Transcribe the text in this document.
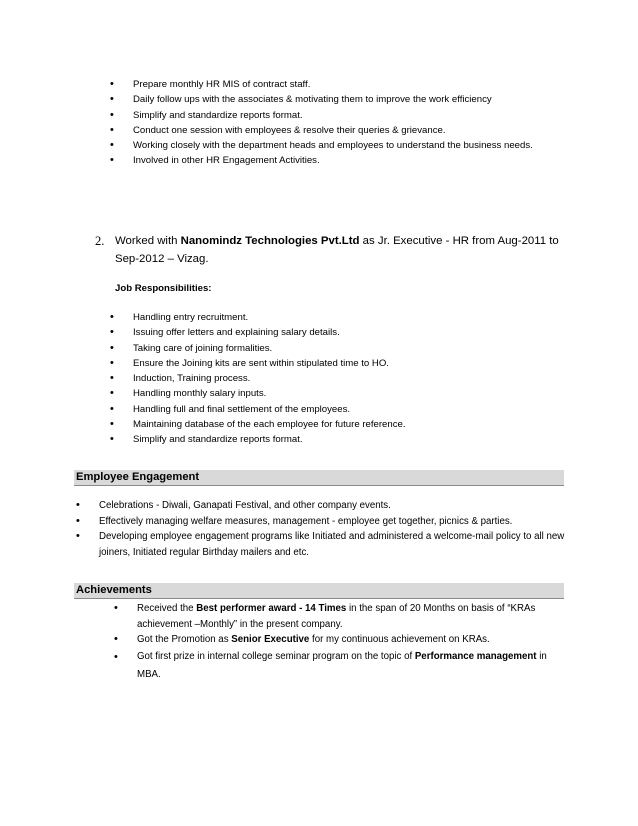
• Prepare monthly HR MIS of contract staff.
• Daily follow ups with the associates & motivating them to improve the work efficiency
• Simplify and standardize reports format.
• Conduct one session with employees & resolve their queries & grievance.
• Working closely with the department heads and employees to understand the business needs.
• Involved in other HR Engagement Activities.
2. Worked with Nanomindz Technologies Pvt.Ltd as Jr. Executive - HR from Aug-2011 to Sep-2012 – Vizag.
Job Responsibilities:
• Handling entry recruitment.
• Issuing offer letters and explaining salary details.
• Taking care of joining formalities.
• Ensure the Joining kits are sent within stipulated time to HO.
• Induction, Training process.
• Handling monthly salary inputs.
• Handling full and final settlement of the employees.
• Maintaining database of the each employee for future reference.
• Simplify and standardize reports format.
Employee Engagement
• Celebrations - Diwali, Ganapati Festival, and other company events.
• Effectively managing welfare measures, management - employee get together, picnics & parties.
• Developing employee engagement programs like Initiated and administered a welcome-mail policy to all new joiners, Initiated regular Birthday mailers and etc.
Achievements
• Received the Best performer award - 14 Times in the span of 20 Months on basis of “KRAs achievement –Monthly” in the present company.
• Got the Promotion as Senior Executive for my continuous achievement on KRAs.
• Got first prize in internal college seminar program on the topic of Performance management in MBA.
